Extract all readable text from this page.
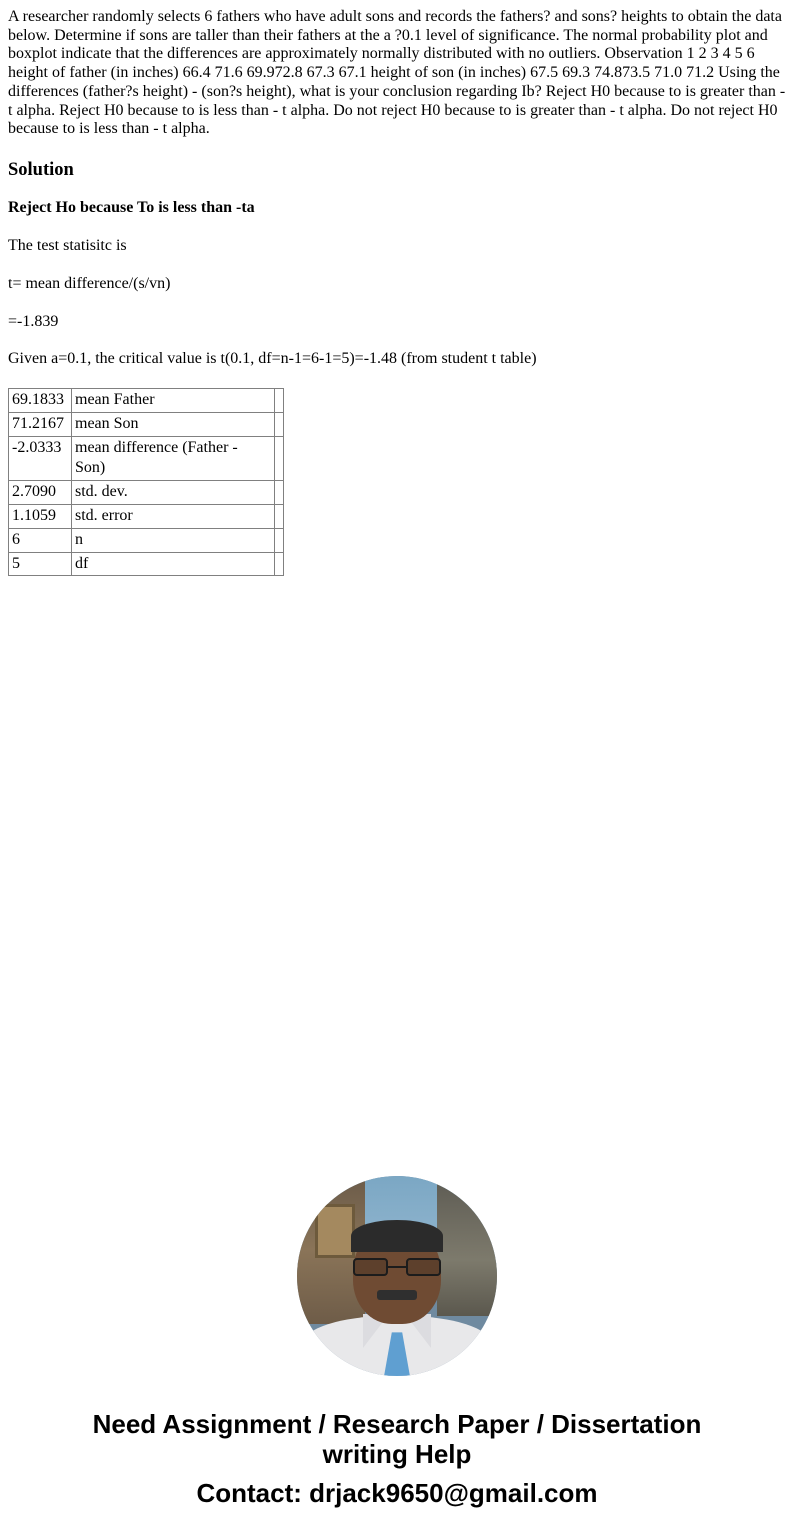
A researcher randomly selects 6 fathers who have adult sons and records the fathers? and sons? heights to obtain the data below. Determine if sons are taller than their fathers at the a ?0.1 level of significance. The normal probability plot and boxplot indicate that the differences are approximately normally distributed with no outliers. Observation 1 2 3 4 5 6 height of father (in inches) 66.4 71.6 69.972.8 67.3 67.1 height of son (in inches) 67.5 69.3 74.873.5 71.0 71.2 Using the differences (father?s height) - (son?s height), what is your conclusion regarding Ib? Reject H0 because to is greater than - t alpha. Reject H0 because to is less than - t alpha. Do not reject H0 because to is greater than - t alpha. Do not reject H0 because to is less than - t alpha.

Solution

Reject Ho because To is less than -ta

The test statisitc is

t= mean difference/(s/vn)

=-1.839

Given a=0.1, the critical value is t(0.1, df=n-1=6-1=5)=-1.48 (from student t table)

69.1833	mean Father	
71.2167	mean Son	
-2.0333	mean difference (Father - Son)	
2.7090	std. dev.	
1.1059	std. error	
6	n	
5	df	

Need Assignment / Research Paper / Dissertation

writing Help

Contact: drjack9650@gmail.com
